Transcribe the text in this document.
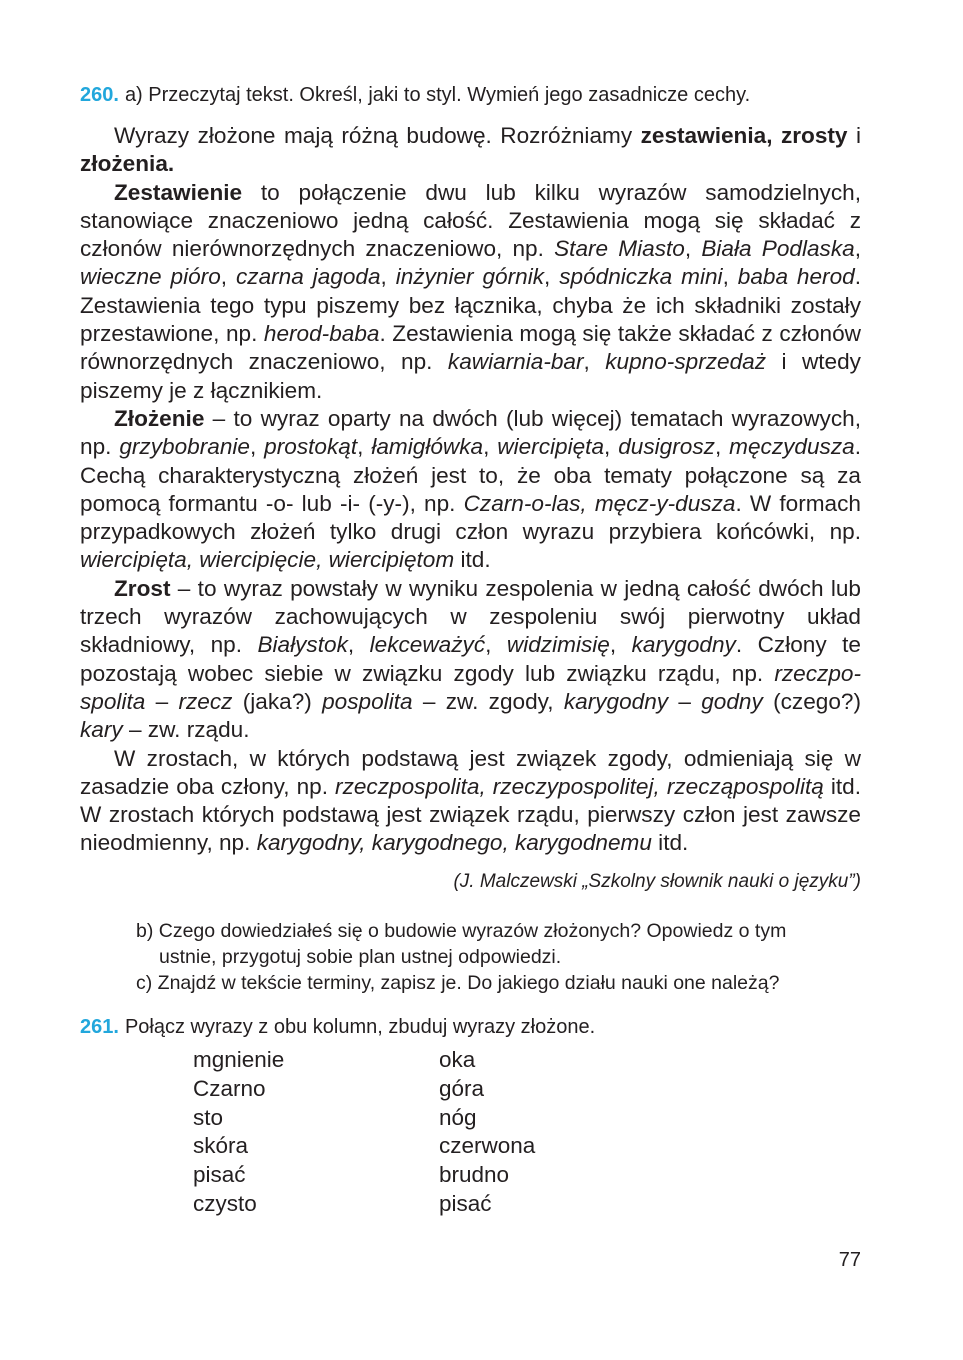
260. a) Przeczytaj tekst. Określ, jaki to styl. Wymień jego zasadnicze cechy.

Wyrazy złożone mają różną budowę. Rozróżniamy zestawienia, zrosty i złożenia.

Zestawienie to połączenie dwu lub kilku wyrazów samodzielnych, stanowiące znaczeniowo jedną całość. Zestawienia mogą się składać z członów nierównorzędnych znaczeniowo, np. Stare Miasto, Biała Podlaska, wieczne pióro, czarna jagoda, inżynier górnik, spódniczka mini, baba herod. Zestawienia tego typu piszemy bez łącznika, chyba że ich składniki zostały przestawione, np. herod-baba. Zestawienia mogą się także składać z członów równorzędnych znaczeniowo, np. kawiarnia-bar, kupno-sprzedaż i wtedy piszemy je z łącznikiem.

Złożenie – to wyraz oparty na dwóch (lub więcej) tematach wyrazowych, np. grzybobranie, prostokąt, łamigłówka, wiercipięta, dusigrosz, męczydusza. Cechą charakterystyczną złożeń jest to, że oba tematy połączone są za pomocą formantu -o- lub -i- (-y-), np. Czarn-o-las, męcz-y-dusza. W formach przypadkowych złożeń tylko drugi człon wyrazu przybiera końcówki, np. wiercipięta, wiercipięcie, wiercipiętom itd.

Zrost – to wyraz powstały w wyniku zespolenia w jedną całość dwóch lub trzech wyrazów zachowujących w zespoleniu swój pierwotny układ składniowy, np. Białystok, lekceważyć, widzimisię, karygodny. Człony te pozostają wobec siebie w związku zgody lub związku rządu, np. rzeczpospolita – rzecz (jaka?) pospolita – zw. zgody, karygodny – godny (czego?) kary – zw. rządu.

W zrostach, w których podstawą jest związek zgody, odmieniają się w zasadzie oba człony, np. rzeczpospolita, rzeczypospolitej, rzecząpospolitą itd. W zrostach których podstawą jest związek rządu, pierwszy człon jest zawsze nieodmienny, np. karygodny, karygodnego, karygodnemu itd.

(J. Malczewski „Szkolny słownik nauki o języku”)
b) Czego dowiedziałeś się o budowie wyrazów złożonych? Opowiedz o tym
ustnie, przygotuj sobie plan ustnej odpowiedzi.
c) Znajdź w tekście terminy, zapisz je. Do jakiego działu nauki one należą?
261. Połącz wyrazy z obu kolumn, zbuduj wyrazy złożone.
mgnienie	oka
Czarno	góra
sto	nóg
skóra	czerwona
pisać	brudno
czysto	pisać
77
